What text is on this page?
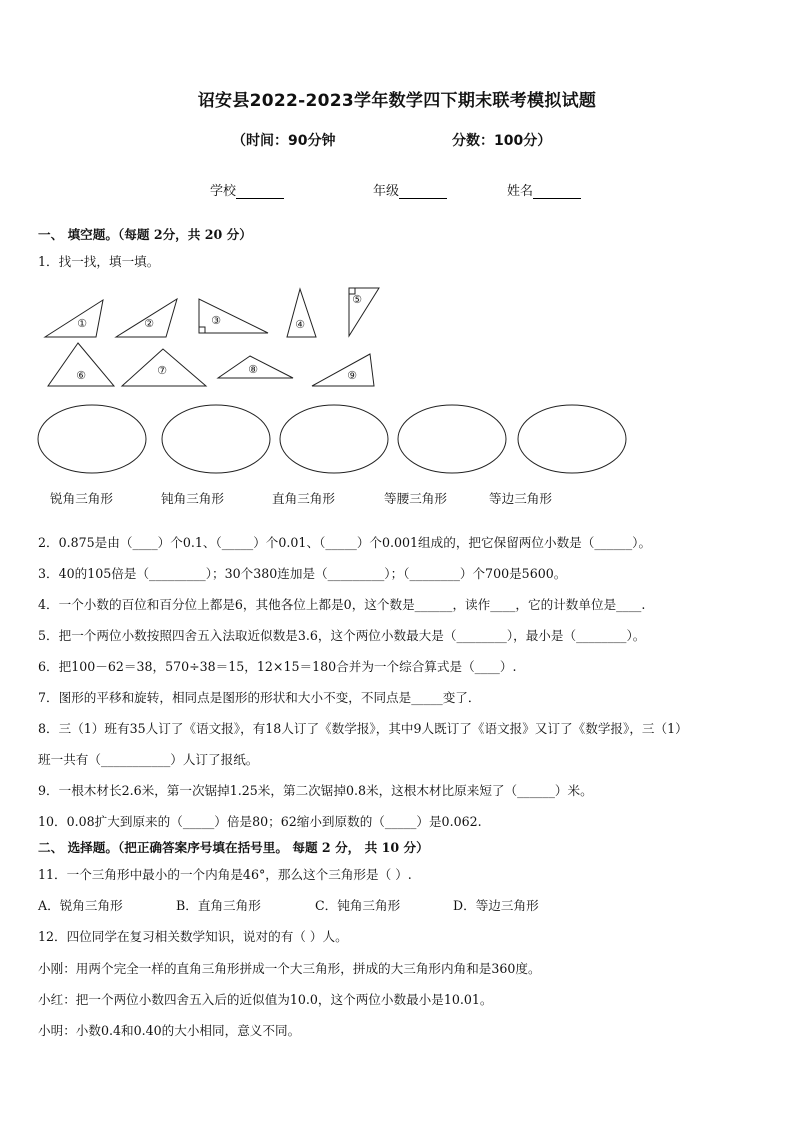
诏安县2022-2023学年数学四下期末联考模拟试题
（时间：90分钟	分数：100分）
学校	年级	姓名
一、 填空题。（每题 2分，共 20 分）
1．找一找，填一填。
①	②	③	④
⑤
⑥	⑦	⑧	⑨
锐角三角形	钝角三角形	直角三角形	等腰三角形	等边三角形
2．0.875是由（____）个0.1、（_____）个0.01、（_____）个0.001组成的，把它保留两位小数是（______）。
3．40的105倍是（_________）；30个380连加是（_________）；（________）个700是5600。
4．一个小数的百位和百分位上都是6，其他各位上都是0，这个数是______，读作____，它的计数单位是____.
5．把一个两位小数按照四舍五入法取近似数是3.6，这个两位小数最大是（________），最小是（________）。
6．把100－62＝38，570÷38＝15，12×15＝180合并为一个综合算式是（____）.
7．图形的平移和旋转，相同点是图形的形状和大小不变，不同点是_____变了．
8．三（1）班有35人订了《语文报》，有18人订了《数学报》，其中9人既订了《语文报》又订了《数学报》，三（1）
班一共有（___________）人订了报纸。
9．一根木材长2.6米，第一次锯掉1.25米，第二次锯掉0.8米，这根木材比原来短了（______）米。
10．0.08扩大到原来的（_____）倍是80；62缩小到原数的（_____）是0.062.
二、 选择题。（把正确答案序号填在括号里。 每题 2 分， 共 10 分）
11．一个三角形中最小的一个内角是46°，那么这个三角形是（ ）.
A．锐角三角形	B．直角三角形	C．钝角三角形	D．等边三角形
12．四位同学在复习相关数学知识，说对的有（ ）人。
小刚：用两个完全一样的直角三角形拼成一个大三角形，拼成的大三角形内角和是360度。
小红：把一个两位小数四舍五入后的近似值为10.0，这个两位小数最小是10.01。
小明：小数0.4和0.40的大小相同，意义不同。
